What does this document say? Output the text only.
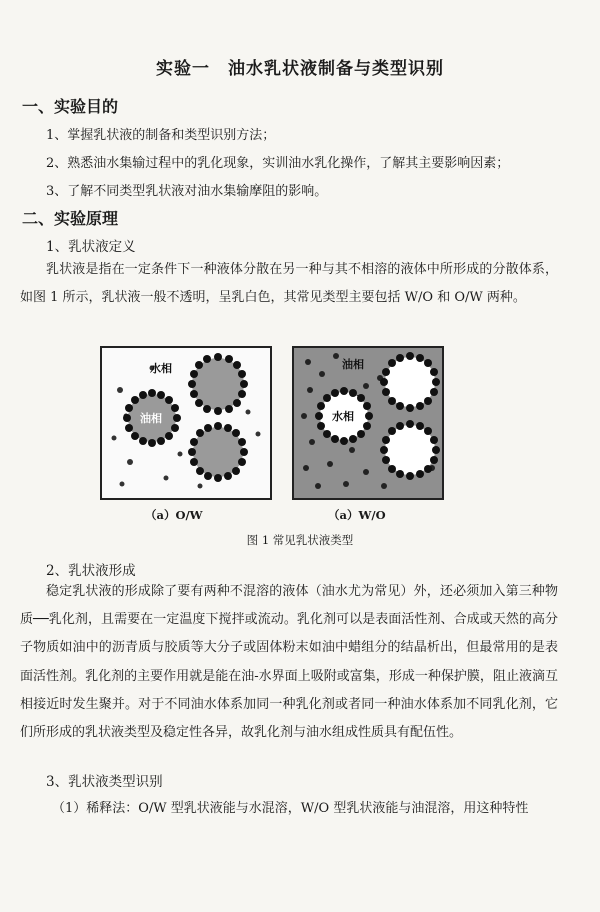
实验一　油水乳状液制备与类型识别
一、实验目的
1、掌握乳状液的制备和类型识别方法；
2、熟悉油水集输过程中的乳化现象，实训油水乳化操作，了解其主要影响因素；
3、了解不同类型乳状液对油水集输摩阻的影响。
二、实验原理
1、乳状液定义
乳状液是指在一定条件下一种液体分散在另一种与其不相溶的液体中所形成的分散体系，如图 1 所示，乳状液一般不透明，呈乳白色，其常见类型主要包括 W/O 和 O/W 两种。
水相
油相
油相
水相
（a）O/W	（a）W/O
图 1 常见乳状液类型
2、乳状液形成
稳定乳状液的形成除了要有两种不混溶的液体（油水尤为常见）外，还必须加入第三种物质──乳化剂，且需要在一定温度下搅拌或流动。乳化剂可以是表面活性剂、合成或天然的高分子物质如油中的沥青质与胶质等大分子或固体粉末如油中蜡组分的结晶析出，但最常用的是表面活性剂。乳化剂的主要作用就是能在油-水界面上吸附或富集，形成一种保护膜，阻止液滴互相接近时发生聚并。对于不同油水体系加同一种乳化剂或者同一种油水体系加不同乳化剂，它们所形成的乳状液类型及稳定性各异，故乳化剂与油水组成性质具有配伍性。
3、乳状液类型识别
（1）稀释法：O/W 型乳状液能与水混溶，W/O 型乳状液能与油混溶，用这种特性
